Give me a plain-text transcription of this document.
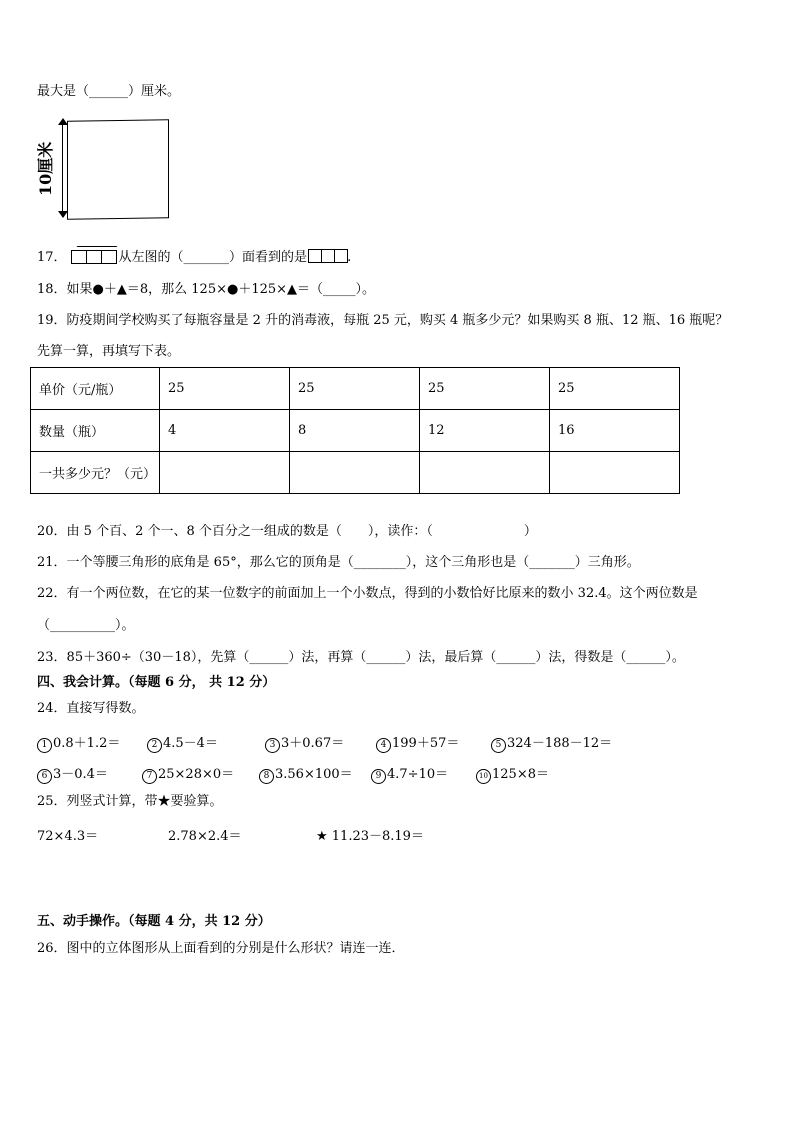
最大是（______）厘米。
10厘米
17．	从左图的（_______）面看到的是	.
18．如果●＋▲＝8，那么 125×●＋125×▲＝（_____）。
19．防疫期间学校购买了每瓶容量是 2 升的消毒液，每瓶 25 元，购买 4 瓶多少元？如果购买 8 瓶、12 瓶、16 瓶呢？
先算一算，再填写下表。
单价（元/瓶）	25	25	25	25
数量（瓶）	4	8	12	16
一共多少元？（元）				
20．由 5 个百、2 个一、8 个百分之一组成的数是（　　），读作：（　　　　　　　）
21．一个等腰三角形的底角是 65°，那么它的顶角是（________），这个三角形也是（_______）三角形。
22．有一个两位数，在它的某一位数字的前面加上一个小数点，得到的小数恰好比原来的数小 32.4。这个两位数是
（__________）。
23．85＋360÷（30－18），先算（______）法，再算（______）法，最后算（______）法，得数是（______）。
四、我会计算。（每题 6 分， 共 12 分）
24．直接写得数。
1 0.8＋1.2＝	2 4.5－4＝	3 3＋0.67＝	4 199＋57＝	5 324－188－12＝
6 3－0.4＝	7 25×28×0＝	8 3.56×100＝	9 4.7÷10＝	10 125×8＝
25．列竖式计算，带★要验算。
72×4.3＝	2.78×2.4＝	★ 11.23－8.19＝
五、动手操作。（每题 4 分，共 12 分）
26．图中的立体图形从上面看到的分别是什么形状？请连一连．
